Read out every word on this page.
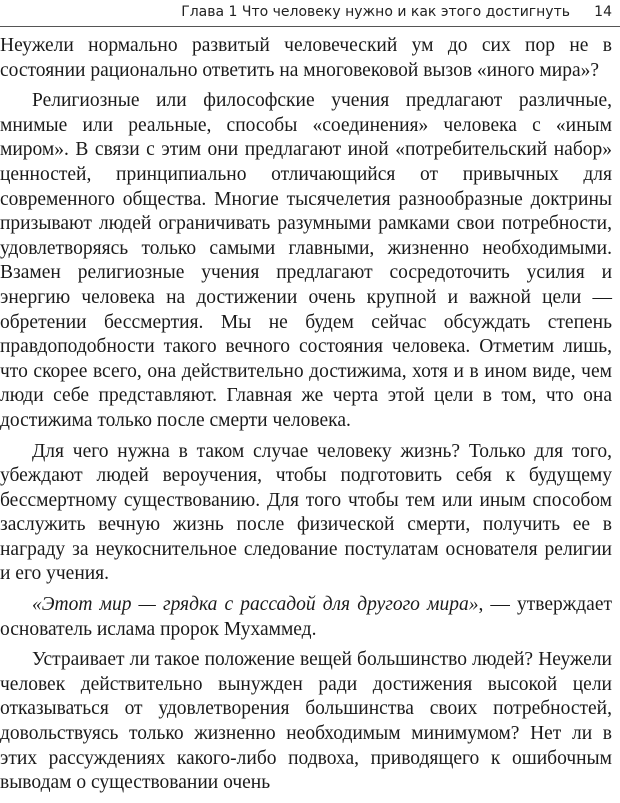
Глава 1 Что человеку нужно и как этого достигнуть 14

Неужели нормально развитый человеческий ум до сих пор не в состоянии рационально ответить на многовековой вызов «иного мира»?

Религиозные или философские учения предлагают различные, мнимые или реальные, способы «соединения» человека с «иным миром». В связи с этим они предлагают иной «потребительский набор» ценностей, принципиально отличающийся от привычных для современного общества. Многие тысячелетия разнообразные доктрины призывают людей ограничивать разумными рамками свои потребности, удовлетворяясь только самыми главными, жизненно необходимыми. Взамен религиозные учения предлагают сосредоточить усилия и энергию человека на достижении очень крупной и важной цели — обретении бессмертия. Мы не будем сейчас обсуждать степень правдоподобности такого вечного состояния человека. Отметим лишь, что скорее всего, она действительно достижима, хотя и в ином виде, чем люди себе представляют. Главная же черта этой цели в том, что она достижима только после смерти человека.

Для чего нужна в таком случае человеку жизнь? Только для того, убеждают людей вероучения, чтобы подготовить себя к будущему бессмертному существованию. Для того чтобы тем или иным способом заслужить вечную жизнь после физической смерти, получить ее в награду за неукоснительное следование постулатам основателя религии и его учения.

«Этот мир — грядка с рассадой для другого мира», — утверждает основатель ислама пророк Мухаммед.

Устраивает ли такое положение вещей большинство людей? Неужели человек действительно вынужден ради достижения высокой цели отказываться от удовлетворения большинства своих потребностей, довольствуясь только жизненно необходимым минимумом? Нет ли в этих рассуждениях какого-либо подвоха, приводящего к ошибочным выводам о существовании очень
